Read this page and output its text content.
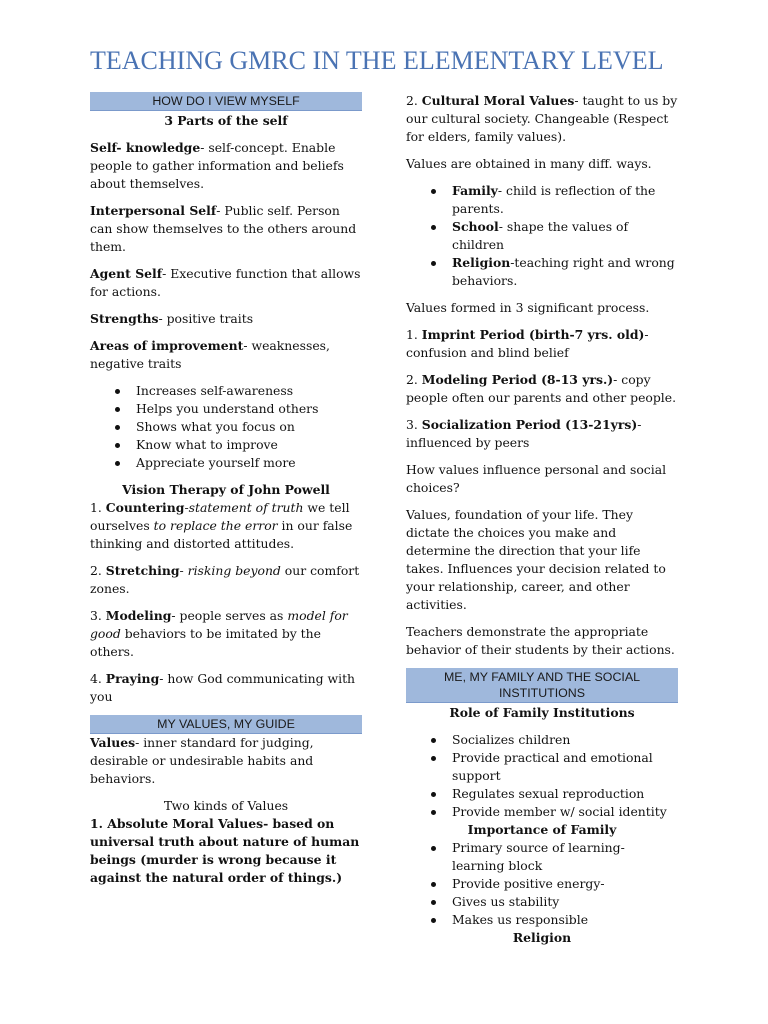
TEACHING GMRC IN THE ELEMENTARY LEVEL
HOW DO I VIEW MYSELF

3 Parts of the self

Self- knowledge- self-concept. Enable people to gather information and beliefs about themselves.

Interpersonal Self- Public self. Person can show themselves to the others around them.

Agent Self- Executive function that allows for actions.

Strengths- positive traits

Areas of improvement- weaknesses, negative traits

Increases self-awareness
Helps you understand others
Shows what you focus on
Know what to improve
Appreciate yourself more

Vision Therapy of John Powell

1. Countering-statement of truth we tell ourselves to replace the error in our false thinking and distorted attitudes.

2. Stretching- risking beyond our comfort zones.

3. Modeling- people serves as model for good behaviors to be imitated by the others.

4. Praying- how God communicating with you

MY VALUES, MY GUIDE

Values- inner standard for judging, desirable or undesirable habits and behaviors.

Two kinds of Values

1. Absolute Moral Values- based on universal truth about nature of human beings (murder is wrong because it against the natural order of things.)

2. Cultural Moral Values- taught to us by our cultural society. Changeable (Respect for elders, family values).

Values are obtained in many diff. ways.

Family- child is reflection of the parents.
School- shape the values of children
Religion-teaching right and wrong behaviors.

Values formed in 3 significant process.

1. Imprint Period (birth-7 yrs. old)- confusion and blind belief

2. Modeling Period (8-13 yrs.)- copy people often our parents and other people.

3. Socialization Period (13-21yrs)- influenced by peers

How values influence personal and social choices?

Values, foundation of your life. They dictate the choices you make and determine the direction that your life takes. Influences your decision related to your relationship, career, and other activities.

Teachers demonstrate the appropriate behavior of their students by their actions.

ME, MY FAMILY AND THE SOCIAL INSTITUTIONS

Role of Family Institutions

Socializes children
Provide practical and emotional support
Regulates sexual reproduction
Provide member w/ social identity

Importance of Family

Primary source of learning- learning block
Provide positive energy-
Gives us stability
Makes us responsible

Religion
